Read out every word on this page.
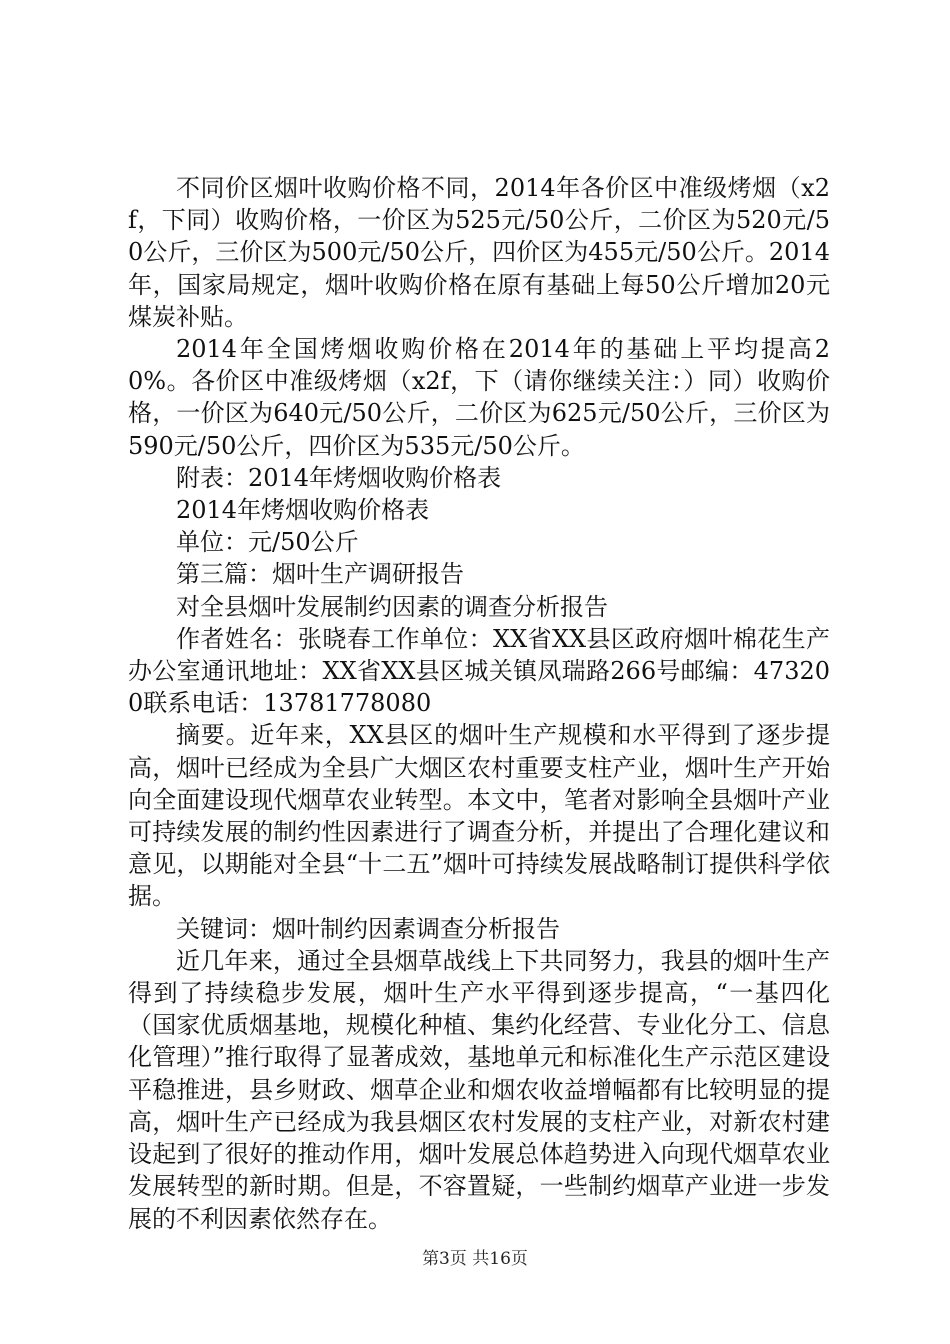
不同价区烟叶收购价格不同，2014年各价区中准级烤烟（x2f，下同）收购价格，一价区为525元/50公斤，二价区为520元/50公斤，三价区为500元/50公斤，四价区为455元/50公斤。2014年，国家局规定，烟叶收购价格在原有基础上每50公斤增加20元煤炭补贴。

2014年全国烤烟收购价格在2014年的基础上平均提高20%。各价区中准级烤烟（x2f，下（请你继续关注：）同）收购价格，一价区为640元/50公斤，二价区为625元/50公斤，三价区为590元/50公斤，四价区为535元/50公斤。

附表：2014年烤烟收购价格表

2014年烤烟收购价格表

单位：元/50公斤

第三篇：烟叶生产调研报告

对全县烟叶发展制约因素的调查分析报告

作者姓名：张晓春工作单位：XX省XX县区政府烟叶棉花生产办公室通讯地址：XX省XX县区城关镇凤瑞路266号邮编：473200联系电话：13781778080

摘要。近年来，XX县区的烟叶生产规模和水平得到了逐步提高，烟叶已经成为全县广大烟区农村重要支柱产业，烟叶生产开始向全面建设现代烟草农业转型。本文中，笔者对影响全县烟叶产业可持续发展的制约性因素进行了调查分析，并提出了合理化建议和意见，以期能对全县“十二五”烟叶可持续发展战略制订提供科学依据。

关键词：烟叶制约因素调查分析报告

近几年来，通过全县烟草战线上下共同努力，我县的烟叶生产得到了持续稳步发展，烟叶生产水平得到逐步提高，“一基四化（国家优质烟基地，规模化种植、集约化经营、专业化分工、信息化管理）”推行取得了显著成效，基地单元和标准化生产示范区建设平稳推进，县乡财政、烟草企业和烟农收益增幅都有比较明显的提高，烟叶生产已经成为我县烟区农村发展的支柱产业，对新农村建设起到了很好的推动作用，烟叶发展总体趋势进入向现代烟草农业发展转型的新时期。但是，不容置疑，一些制约烟草产业进一步发展的不利因素依然存在。

第3页 共16页
